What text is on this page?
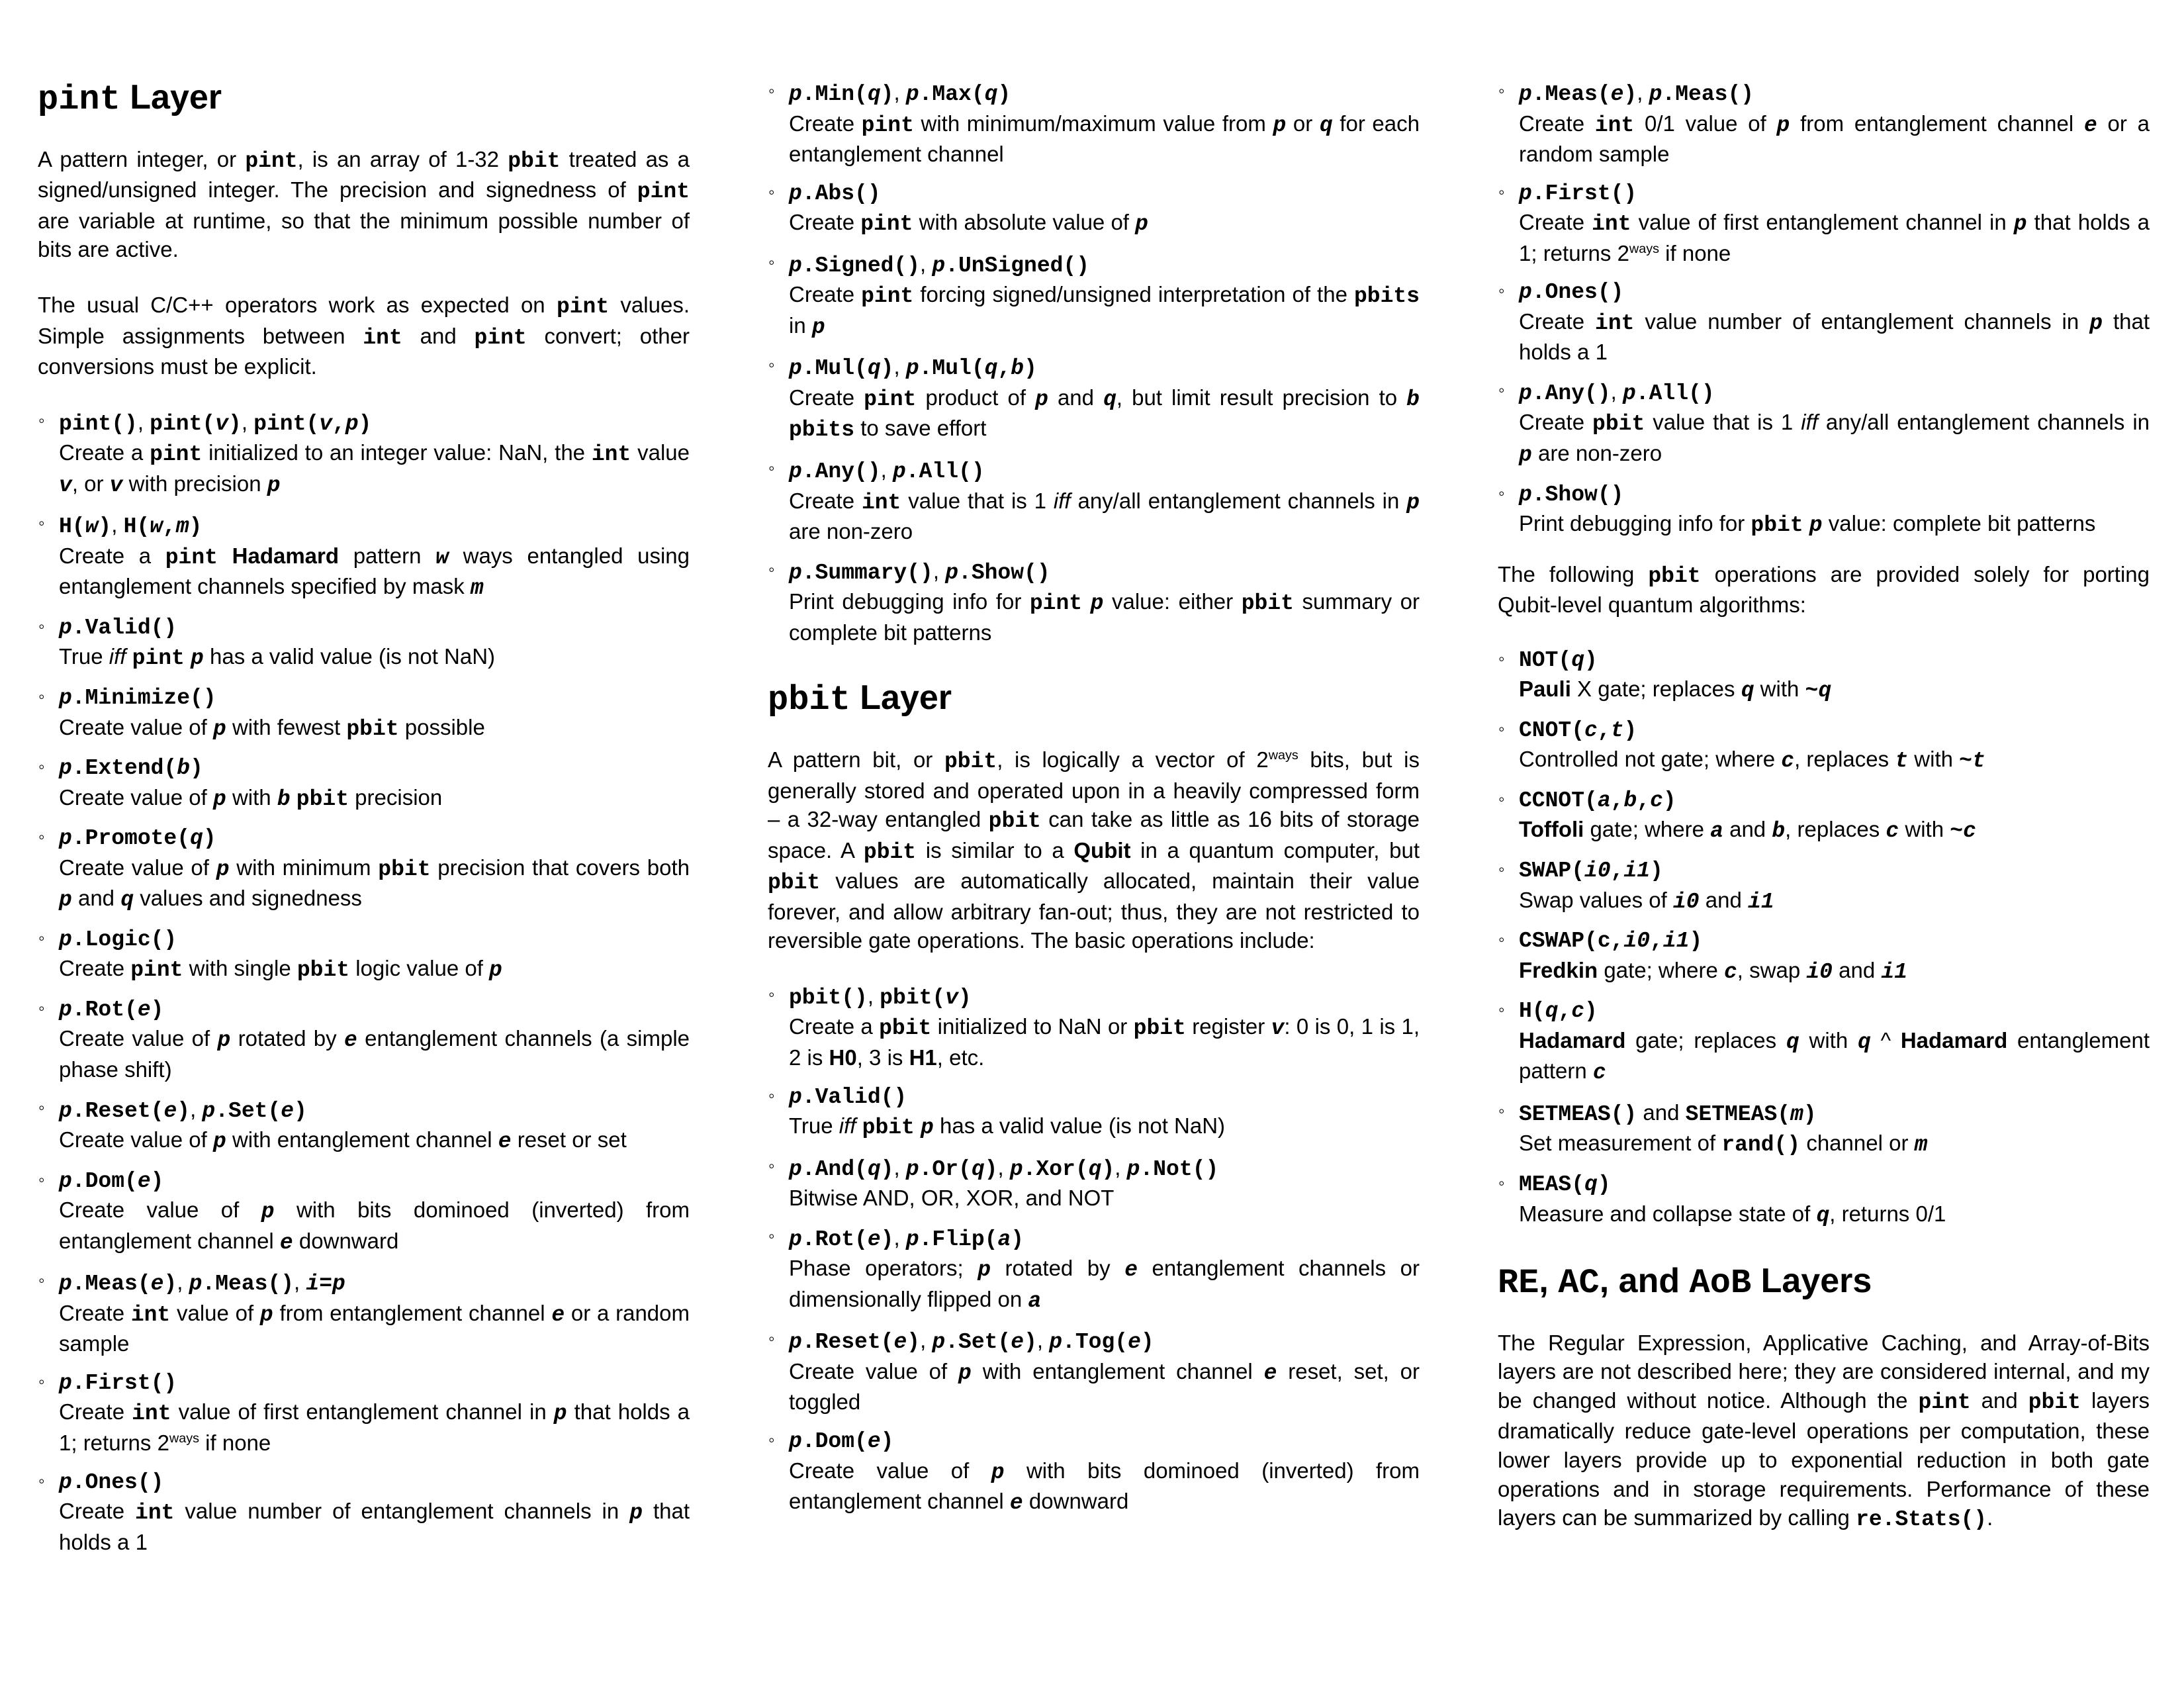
pint Layer

A pattern integer, or pint, is an array of 1-32 pbit treated as a signed/unsigned integer. The precision and signedness of pint are variable at runtime, so that the minimum possible number of bits are active.

The usual C/C++ operators work as expected on pint values. Simple assignments between int and pint convert; other conversions must be explicit.

◦ pint(), pint(v), pint(v,p)
Create a pint initialized to an integer value: NaN, the int value v, or v with precision p
◦ H(w), H(w,m)
Create a pint Hadamard pattern w ways entangled using entanglement channels specified by mask m
◦ p.Valid()
True iff pint p has a valid value (is not NaN)
◦ p.Minimize()
Create value of p with fewest pbit possible
◦ p.Extend(b)
Create value of p with b pbit precision
◦ p.Promote(q)
Create value of p with minimum pbit precision that covers both p and q values and signedness
◦ p.Logic()
Create pint with single pbit logic value of p
◦ p.Rot(e)
Create value of p rotated by e entanglement channels (a simple phase shift)
◦ p.Reset(e), p.Set(e)
Create value of p with entanglement channel e reset or set
◦ p.Dom(e)
Create value of p with bits dominoed (inverted) from entanglement channel e downward
◦ p.Meas(e), p.Meas(), i=p
Create int value of p from entanglement channel e or a random sample
◦ p.First()
Create int value of first entanglement channel in p that holds a 1; returns $2^{ways}$ if none
◦ p.Ones()
Create int value number of entanglement channels in p that holds a 1
◦ p.Min(q), p.Max(q)
Create pint with minimum/maximum value from p or q for each entanglement channel
◦ p.Abs()
Create pint with absolute value of p
◦ p.Signed(), p.UnSigned()
Create pint forcing signed/unsigned interpretation of the pbits in p
◦ p.Mul(q), p.Mul(q,b)
Create pint product of p and q, but limit result precision to b pbits to save effort
◦ p.Any(), p.All()
Create int value that is 1 iff any/all entanglement channels in p are non-zero
◦ p.Summary(), p.Show()
Print debugging info for pint p value: either pbit summary or complete bit patterns
pbit Layer

A pattern bit, or pbit, is logically a vector of $2^{ways}$ bits, but is generally stored and operated upon in a heavily compressed form – a 32-way entangled pbit can take as little as 16 bits of storage space. A pbit is similar to a Qubit in a quantum computer, but pbit values are automatically allocated, maintain their value forever, and allow arbitrary fan-out; thus, they are not restricted to reversible gate operations. The basic operations include:

◦ pbit(), pbit(v)
Create a pbit initialized to NaN or pbit register v: 0 is 0, 1 is 1, 2 is H0, 3 is H1, etc.
◦ p.Valid()
True iff pbit p has a valid value (is not NaN)
◦ p.And(q), p.Or(q), p.Xor(q), p.Not()
Bitwise AND, OR, XOR, and NOT
◦ p.Rot(e), p.Flip(a)
Phase operators; p rotated by e entanglement channels or dimensionally flipped on a
◦ p.Reset(e), p.Set(e), p.Tog(e)
Create value of p with entanglement channel e reset, set, or toggled
◦ p.Dom(e)
Create value of p with bits dominoed (inverted) from entanglement channel e downward
◦ p.Meas(e), p.Meas()
Create int 0/1 value of p from entanglement channel e or a random sample
◦ p.First()
Create int value of first entanglement channel in p that holds a 1; returns $2^{ways}$ if none
◦ p.Ones()
Create int value number of entanglement channels in p that holds a 1
◦ p.Any(), p.All()
Create pbit value that is 1 iff any/all entanglement channels in p are non-zero
◦ p.Show()
Print debugging info for pbit p value: complete bit patterns

The following pbit operations are provided solely for porting Qubit-level quantum algorithms:

◦ NOT(q)
Pauli X gate; replaces q with ~q
◦ CNOT(c,t)
Controlled not gate; where c, replaces t with ~t
◦ CCNOT(a,b,c)
Toffoli gate; where a and b, replaces c with ~c
◦ SWAP(i0,i1)
Swap values of i0 and i1
◦ CSWAP(c,i0,i1)
Fredkin gate; where c, swap i0 and i1
◦ H(q,c)
Hadamard gate; replaces q with q ^ Hadamard entanglement pattern c
◦ SETMEAS() and SETMEAS(m)
Set measurement of rand() channel or m
◦ MEAS(q)
Measure and collapse state of q, returns 0/1
RE, AC, and AoB Layers

The Regular Expression, Applicative Caching, and Array-of-Bits layers are not described here; they are considered internal, and my be changed without notice. Although the pint and pbit layers dramatically reduce gate-level operations per computation, these lower layers provide up to exponential reduction in both gate operations and in storage requirements. Performance of these layers can be summarized by calling re.Stats().
